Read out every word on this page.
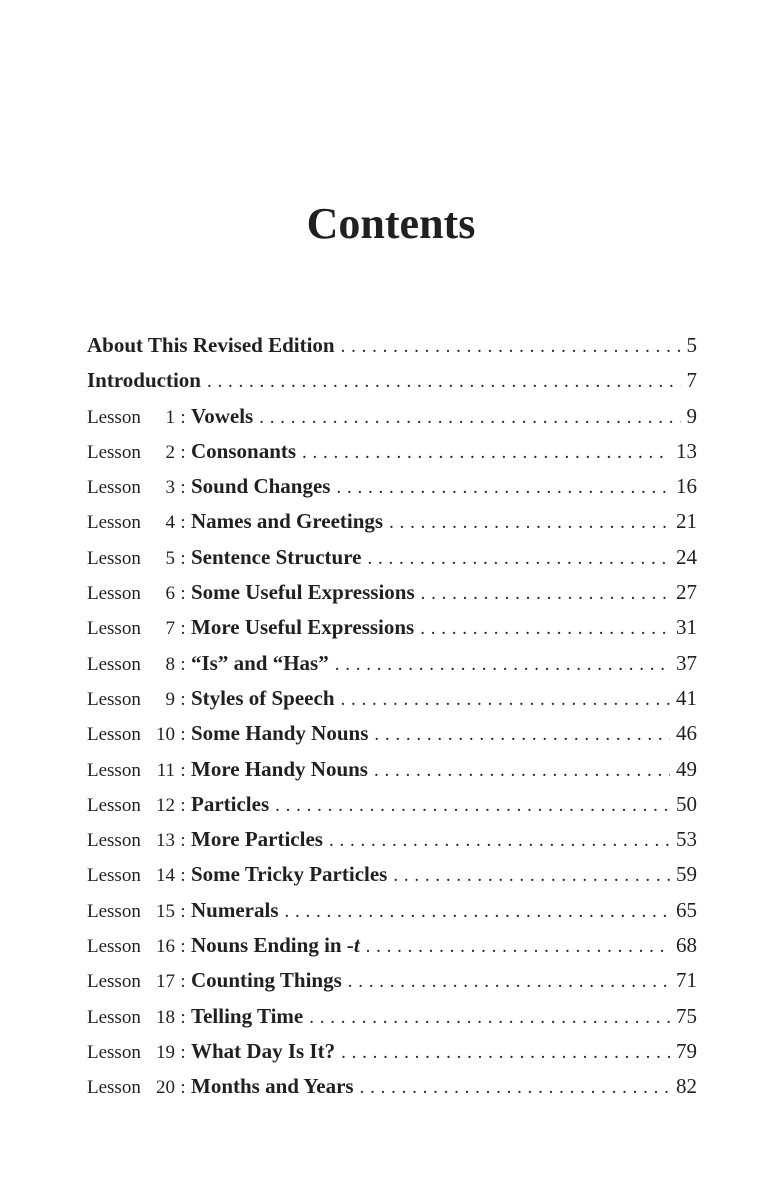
Contents
About This Revised Edition . . .	5
Introduction . . .	7
Lesson	1 : Vowels . . .	9
Lesson	2 : Consonants . . .	13
Lesson	3 : Sound Changes . . .	16
Lesson	4 : Names and Greetings . . .	21
Lesson	5 : Sentence Structure . . .	24
Lesson	6 : Some Useful Expressions . . .	27
Lesson	7 : More Useful Expressions . . .	31
Lesson	8 : “Is” and “Has” . . .	37
Lesson	9 : Styles of Speech . . .	41
Lesson 10 : Some Handy Nouns . . .	46
Lesson 11 : More Handy Nouns . . .	49
Lesson 12 : Particles . . .	50
Lesson 13 : More Particles . . .	53
Lesson 14 : Some Tricky Particles . . .	59
Lesson 15 : Numerals . . .	65
Lesson 16 : Nouns Ending in -t . . .	68
Lesson 17 : Counting Things . . .	71
Lesson 18 : Telling Time . . .	75
Lesson 19 : What Day Is It? . . .	79
Lesson 20 : Months and Years . . .	82
